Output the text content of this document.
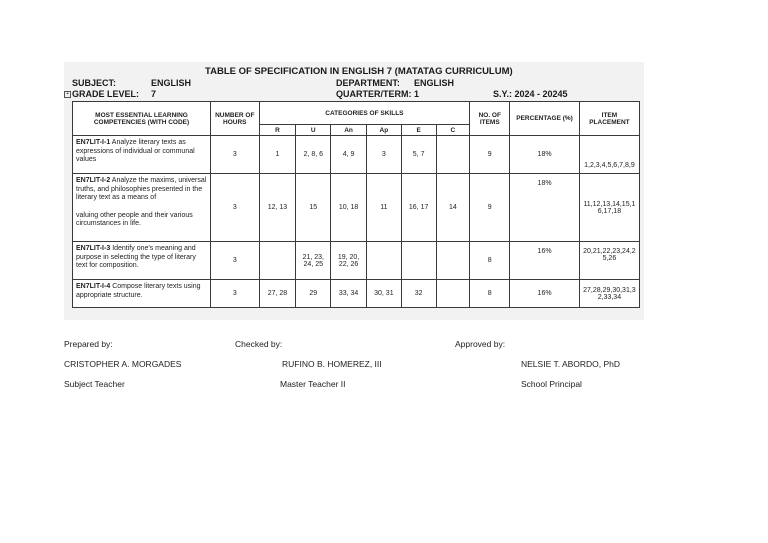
TABLE OF SPECIFICATION IN ENGLISH 7 (MATATAG CURRICULUM)
SUBJECT:	ENGLISH	DEPARTMENT: ENGLISH
+ GRADE LEVEL: 7	QUARTER/TERM: 1	S.Y.: 2024 - 20245
MOST ESSENTIAL LEARNING COMPETENCIES (WITH CODE)	NUMBER OF HOURS	CATEGORIES OF SKILLS						NO. OF ITEMS	PERCENTAGE (%)	ITEM PLACEMENT
		R	U	An	Ap	E	C			
EN7LIT-I-1 Analyze literary texts as expressions of individual or communal values	3	1	2, 8, 6	4, 9	3	5, 7		9	18%	1,2,3,4,5,6,7,8,9
EN7LIT-I-2 Analyze the maxims, universal truths, and philosophies presented in the literary text as a means of
valuing other people and their various circumstances in life.	3	12, 13	15	10, 18	11	16, 17	14	9	18%	11,12,13,14,15,1 6,17,18
EN7LIT-I-3 Identify one's meaning and purpose in selecting the type of literary text for composition.	3		21, 23, 24, 25	19, 20, 22, 26				8	16%	20,21,22,23,24,2 5,26
EN7LIT-I-4 Compose literary texts using appropriate structure.	3	27, 28	29	33, 34	30, 31	32		8	16%	27,28,29,30,31,3 2,33,34
Prepared by:	Checked by:	Approved by:
CRISTOPHER A. MORGADES	RUFINO B. HOMEREZ, III	NELSIE T. ABORDO, PhD
Subject Teacher	Master Teacher II	School Principal
